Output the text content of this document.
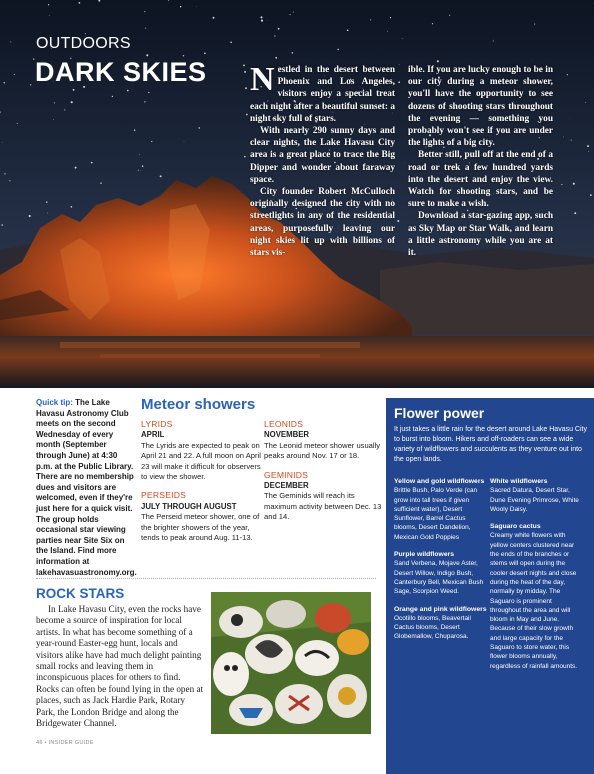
OUTDOORS
DARK SKIES Nestled in the desert between Phoenix and Los Angeles, visitors enjoy a special treat each night after a beautiful sunset: a night sky full of stars.

With nearly 290 sunny days and clear nights, the Lake Havasu City area is a great place to trace the Big Dipper and wonder about faraway space.

City founder Robert McCulloch originally designed the city with no streetlights in any of the residential areas, purposefully leaving our night skies lit up with billions of stars vis-

ible. If you are lucky enough to be in our city during a meteor shower, you'll have the opportunity to see dozens of shooting stars throughout the evening — something you probably won't see if you are under the lights of a big city.

Better still, pull off at the end of a road or trek a few hundred yards into the desert and enjoy the view. Watch for shooting stars, and be sure to make a wish.

Download a star-gazing app, such as Sky Map or Star Walk, and learn a little astronomy while you are at it.

Quick tip: The Lake Havasu Astronomy Club meets on the second Wednesday of every month (September through June) at 4:30 p.m. at the Public Library. There are no membership dues and visitors are welcomed, even if they're just here for a quick visit. The group holds occasional star viewing parties near Site Six on the Island. Find more information at lakehavasuastronomy.org.
Meteor showers
LYRIDS
APRIL
The Lyrids are expected to peak on April 21 and 22. A full moon on April 23 will make it difficult for observers to view the shower.
PERSEIDS
JULY THROUGH AUGUST
The Perseid meteor shower, one of the brighter showers of the year, tends to peak around Aug. 11-13.
LEONIDS
NOVEMBER
The Leonid meteor shower usually peaks around Nov. 17 or 18.
GEMINIDS
DECEMBER
The Geminids will reach its maximum activity between Dec. 13 and 14.
ROCK STARS

In Lake Havasu City, even the rocks have become a source of inspiration for local artists. In what has become something of a year-round Easter-egg hunt, locals and visitors alike have had much delight painting small rocks and leaving them in inconspicuous places for others to find. Rocks can often be found lying in the open at places, such as Jack Hardie Park, Rotary Park, the London Bridge and along the Bridgewater Channel.

46 • INSIDER GUIDE
Flower power
It just takes a little rain for the desert around Lake Havasu City to burst into bloom. Hikers and off-roaders can see a wide variety of wildflowers and succulents as they venture out into the open lands.
Yellow and gold wildflowers
Brittle Bush, Palo Verde (can grow into tall trees if given sufficient water), Desert Sunflower, Barrel Cactus blooms, Desert Dandelion, Mexican Gold Poppies
Purple wildflowers
Sand Verbena, Mojave Aster, Desert Willow, Indigo Bush, Canterbury Bell, Mexican Bush Sage, Scorpion Weed.
Orange and pink wildflowers
Ocotillo blooms, Beavertail Cactus blooms, Desert Globemallow, Chuparosa.
White wildflowers
Sacred Datura, Desert Star, Dune Evening Primrose, White Wooly Daisy.
Saguaro cactus
Creamy white flowers with yellow centers clustered near the ends of the branches or stems will open during the cooler desert nights and close during the heat of the day, normally by midday. The Saguaro is prominent throughout the area and will bloom in May and June. Because of their slow growth and large capacity for the Saguaro to store water, this flower blooms annually, regardless of rainfall amounts.
